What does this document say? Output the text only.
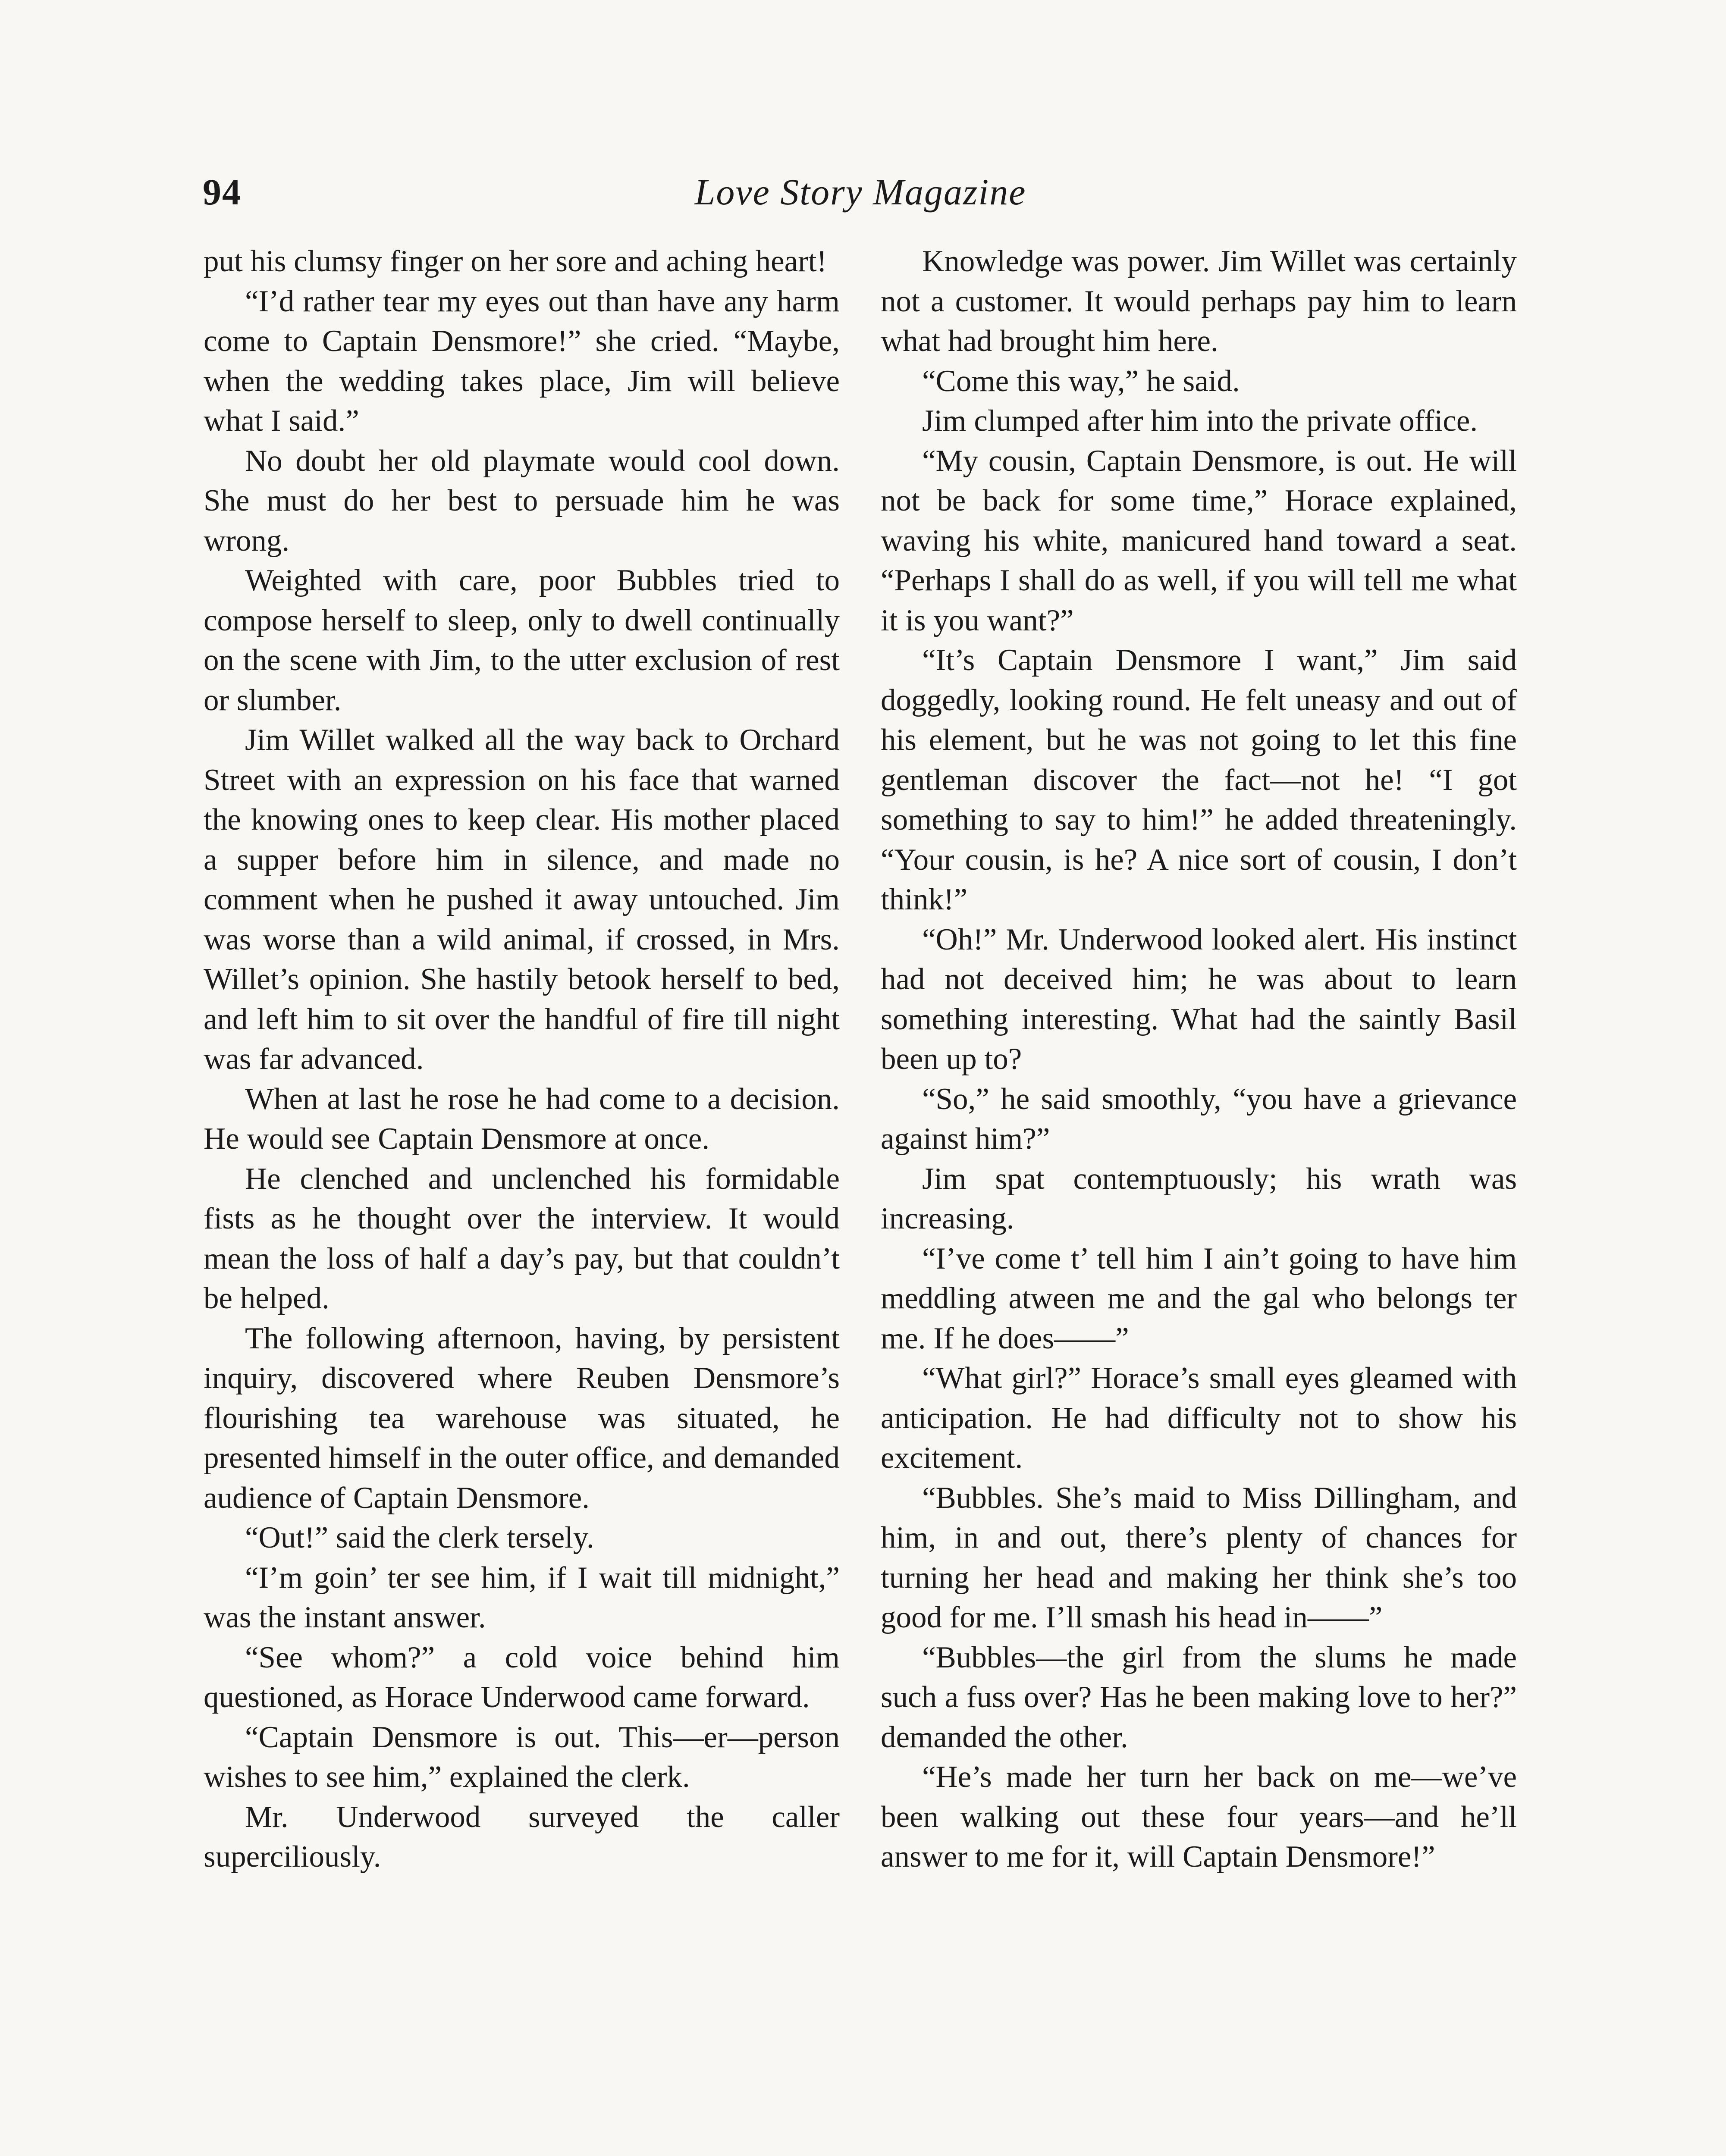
94	Love Story Magazine

put his clumsy finger on her sore and aching heart!

“I’d rather tear my eyes out than have any harm come to Captain Densmore!” she cried. “Maybe, when the wedding takes place, Jim will believe what I said.”

No doubt her old playmate would cool down. She must do her best to persuade him he was wrong.

Weighted with care, poor Bubbles tried to compose herself to sleep, only to dwell continually on the scene with Jim, to the utter exclusion of rest or slumber.

Jim Willet walked all the way back to Orchard Street with an expression on his face that warned the knowing ones to keep clear. His mother placed a supper before him in silence, and made no comment when he pushed it away untouched. Jim was worse than a wild animal, if crossed, in Mrs. Willet’s opinion. She hastily betook herself to bed, and left him to sit over the handful of fire till night was far advanced.

When at last he rose he had come to a decision. He would see Captain Densmore at once.

He clenched and unclenched his formidable fists as he thought over the interview. It would mean the loss of half a day’s pay, but that couldn’t be helped.

The following afternoon, having, by persistent inquiry, discovered where Reuben Densmore’s flourishing tea warehouse was situated, he presented himself in the outer office, and demanded audience of Captain Densmore.

“Out!” said the clerk tersely.

“I’m goin’ ter see him, if I wait till midnight,” was the instant answer.

“See whom?” a cold voice behind him questioned, as Horace Underwood came forward.

“Captain Densmore is out. This—er—person wishes to see him,” explained the clerk.

Mr. Underwood surveyed the caller superciliously.

Knowledge was power. Jim Willet was certainly not a customer. It would perhaps pay him to learn what had brought him here.

“Come this way,” he said.

Jim clumped after him into the private office.

“My cousin, Captain Densmore, is out. He will not be back for some time,” Horace explained, waving his white, manicured hand toward a seat. “Perhaps I shall do as well, if you will tell me what it is you want?”

“It’s Captain Densmore I want,” Jim said doggedly, looking round. He felt uneasy and out of his element, but he was not going to let this fine gentleman discover the fact—not he! “I got something to say to him!” he added threateningly. “Your cousin, is he? A nice sort of cousin, I don’t think!”

“Oh!” Mr. Underwood looked alert. His instinct had not deceived him; he was about to learn something interesting. What had the saintly Basil been up to?

“So,” he said smoothly, “you have a grievance against him?”

Jim spat contemptuously; his wrath was increasing.

“I’ve come t’ tell him I ain’t going to have him meddling atween me and the gal who belongs ter me. If he does——”

“What girl?” Horace’s small eyes gleamed with anticipation. He had difficulty not to show his excitement.

“Bubbles. She’s maid to Miss Dillingham, and him, in and out, there’s plenty of chances for turning her head and making her think she’s too good for me. I’ll smash his head in——”

“Bubbles—the girl from the slums he made such a fuss over? Has he been making love to her?” demanded the other.

“He’s made her turn her back on me—we’ve been walking out these four years—and he’ll answer to me for it, will Captain Densmore!”
